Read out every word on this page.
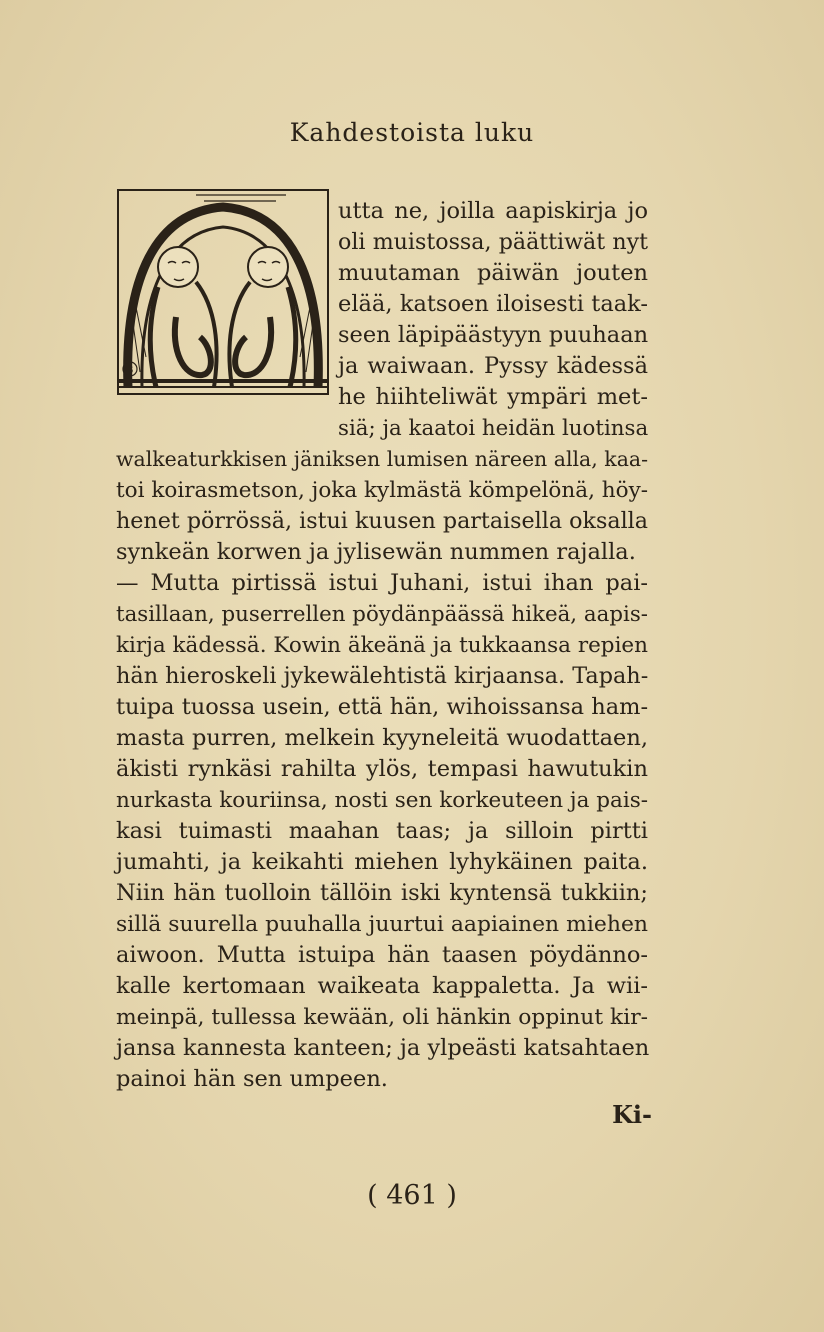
Kahdestoista luku
B
utta ne, joilla aapiskirja jo
oli muistossa, päättiwät nyt
muutaman päiwän jouten
elää, katsoen iloisesti taak-
seen läpipäästyyn puuhaan
ja waiwaan. Pyssy kädessä
he hiihteliwät ympäri met-
siä; ja kaatoi heidän luotinsa
walkeaturkkisen jäniksen lumisen näreen alla, kaa-
toi koirasmetson, joka kylmästä kömpelönä, höy-
henet pörrössä, istui kuusen partaisella oksalla
synkeän korwen ja jylisewän nummen rajalla.
— Mutta pirtissä istui Juhani, istui ihan pai-
tasillaan, puserrellen pöydänpäässä hikeä, aapis-
kirja kädessä. Kowin äkeänä ja tukkaansa repien
hän hieroskeli jykewälehtistä kirjaansa. Tapah-
tuipa tuossa usein, että hän, wihoissansa ham-
masta purren, melkein kyyneleitä wuodattaen,
äkisti rynkäsi rahilta ylös, tempasi hawutukin
nurkasta kouriinsa, nosti sen korkeuteen ja pais-
kasi tuimasti maahan taas; ja silloin pirtti
jumahti, ja keikahti miehen lyhykäinen paita.
Niin hän tuolloin tällöin iski kyntensä tukkiin;
sillä suurella puuhalla juurtui aapiainen miehen
aiwoon. Mutta istuipa hän taasen pöydänno-
kalle kertomaan waikeata kappaletta. Ja wii-
meinpä, tullessa kewään, oli hänkin oppinut kir-
jansa kannesta kanteen; ja ylpeästi katsahtaen
painoi hän sen umpeen.
Ki-
( 461 )
